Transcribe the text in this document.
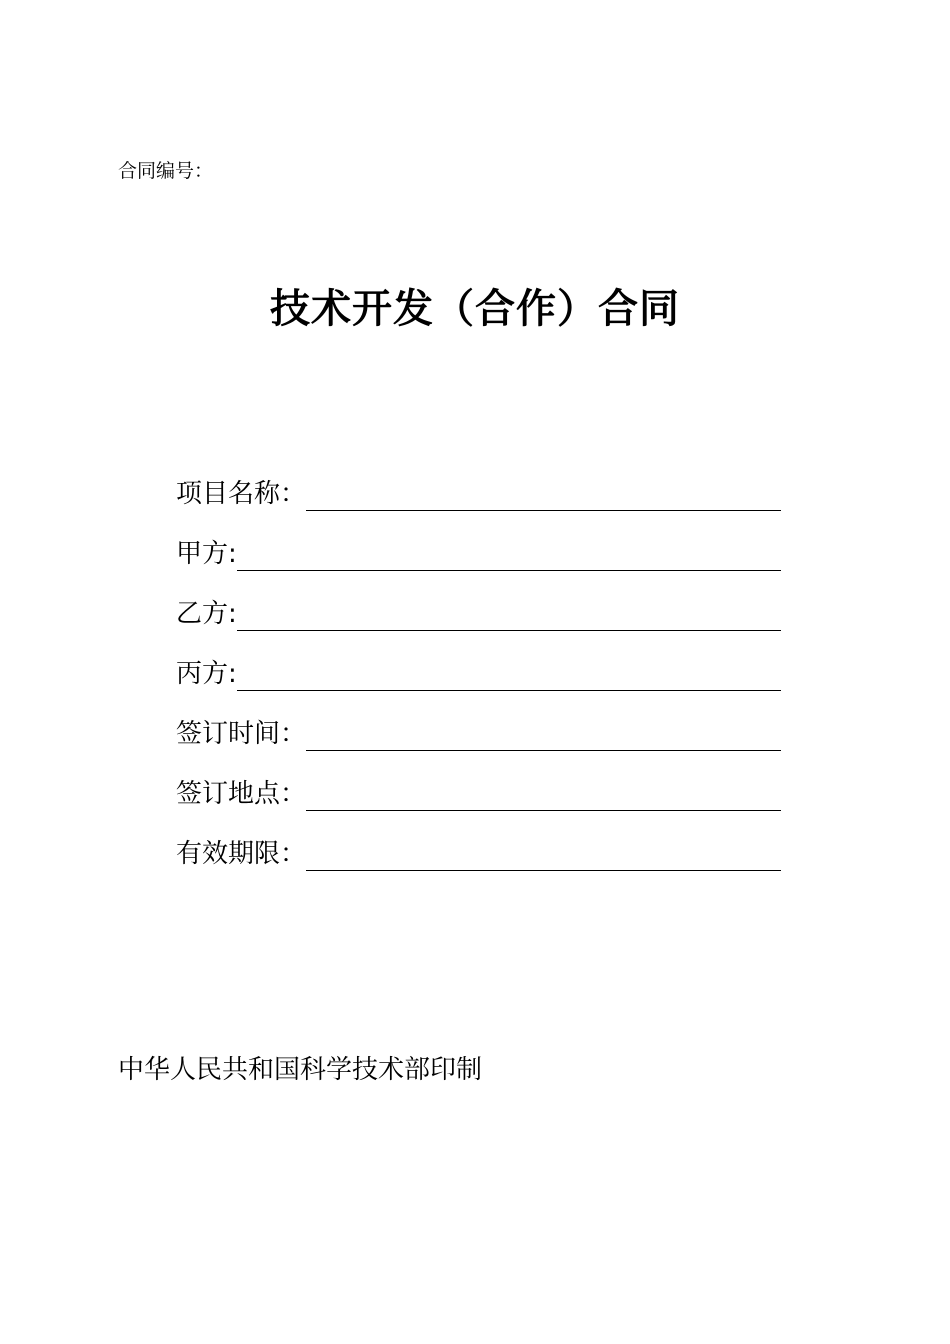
合同编号：
技术开发（合作）合同
项目名称：
甲方:
乙方:
丙方:
签订时间：
签订地点：
有效期限：
中华人民共和国科学技术部印制
